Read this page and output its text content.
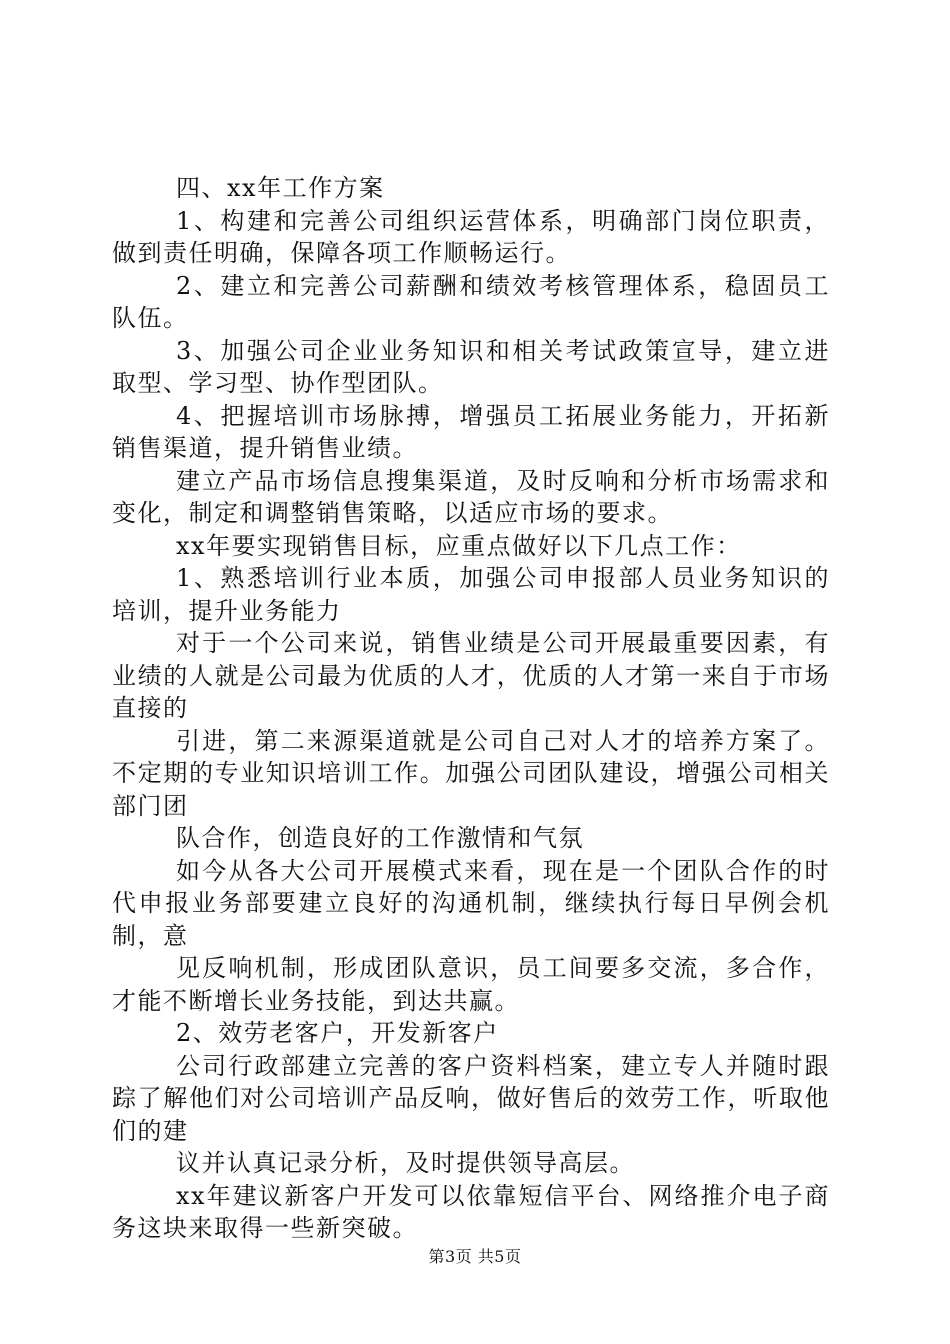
四、xx年工作方案

1、构建和完善公司组织运营体系，明确部门岗位职责，做到责任明确，保障各项工作顺畅运行。

2、建立和完善公司薪酬和绩效考核管理体系，稳固员工队伍。

3、加强公司企业业务知识和相关考试政策宣导，建立进取型、学习型、协作型团队。

4、把握培训市场脉搏，增强员工拓展业务能力，开拓新销售渠道，提升销售业绩。

建立产品市场信息搜集渠道，及时反响和分析市场需求和变化，制定和调整销售策略，以适应市场的要求。

xx年要实现销售目标，应重点做好以下几点工作：

1、熟悉培训行业本质，加强公司申报部人员业务知识的培训，提升业务能力

对于一个公司来说，销售业绩是公司开展最重要因素，有业绩的人就是公司最为优质的人才，优质的人才第一来自于市场直接的

引进，第二来源渠道就是公司自己对人才的培养方案了。不定期的专业知识培训工作。加强公司团队建设，增强公司相关部门团

队合作，创造良好的工作激情和气氛

如今从各大公司开展模式来看，现在是一个团队合作的时代申报业务部要建立良好的沟通机制，继续执行每日早例会机制，意

见反响机制，形成团队意识，员工间要多交流，多合作，才能不断增长业务技能，到达共赢。

2、效劳老客户，开发新客户

公司行政部建立完善的客户资料档案，建立专人并随时跟踪了解他们对公司培训产品反响，做好售后的效劳工作，听取他们的建

议并认真记录分析，及时提供领导高层。

xx年建议新客户开发可以依靠短信平台、网络推介电子商务这块来取得一些新突破。

第3页 共5页
